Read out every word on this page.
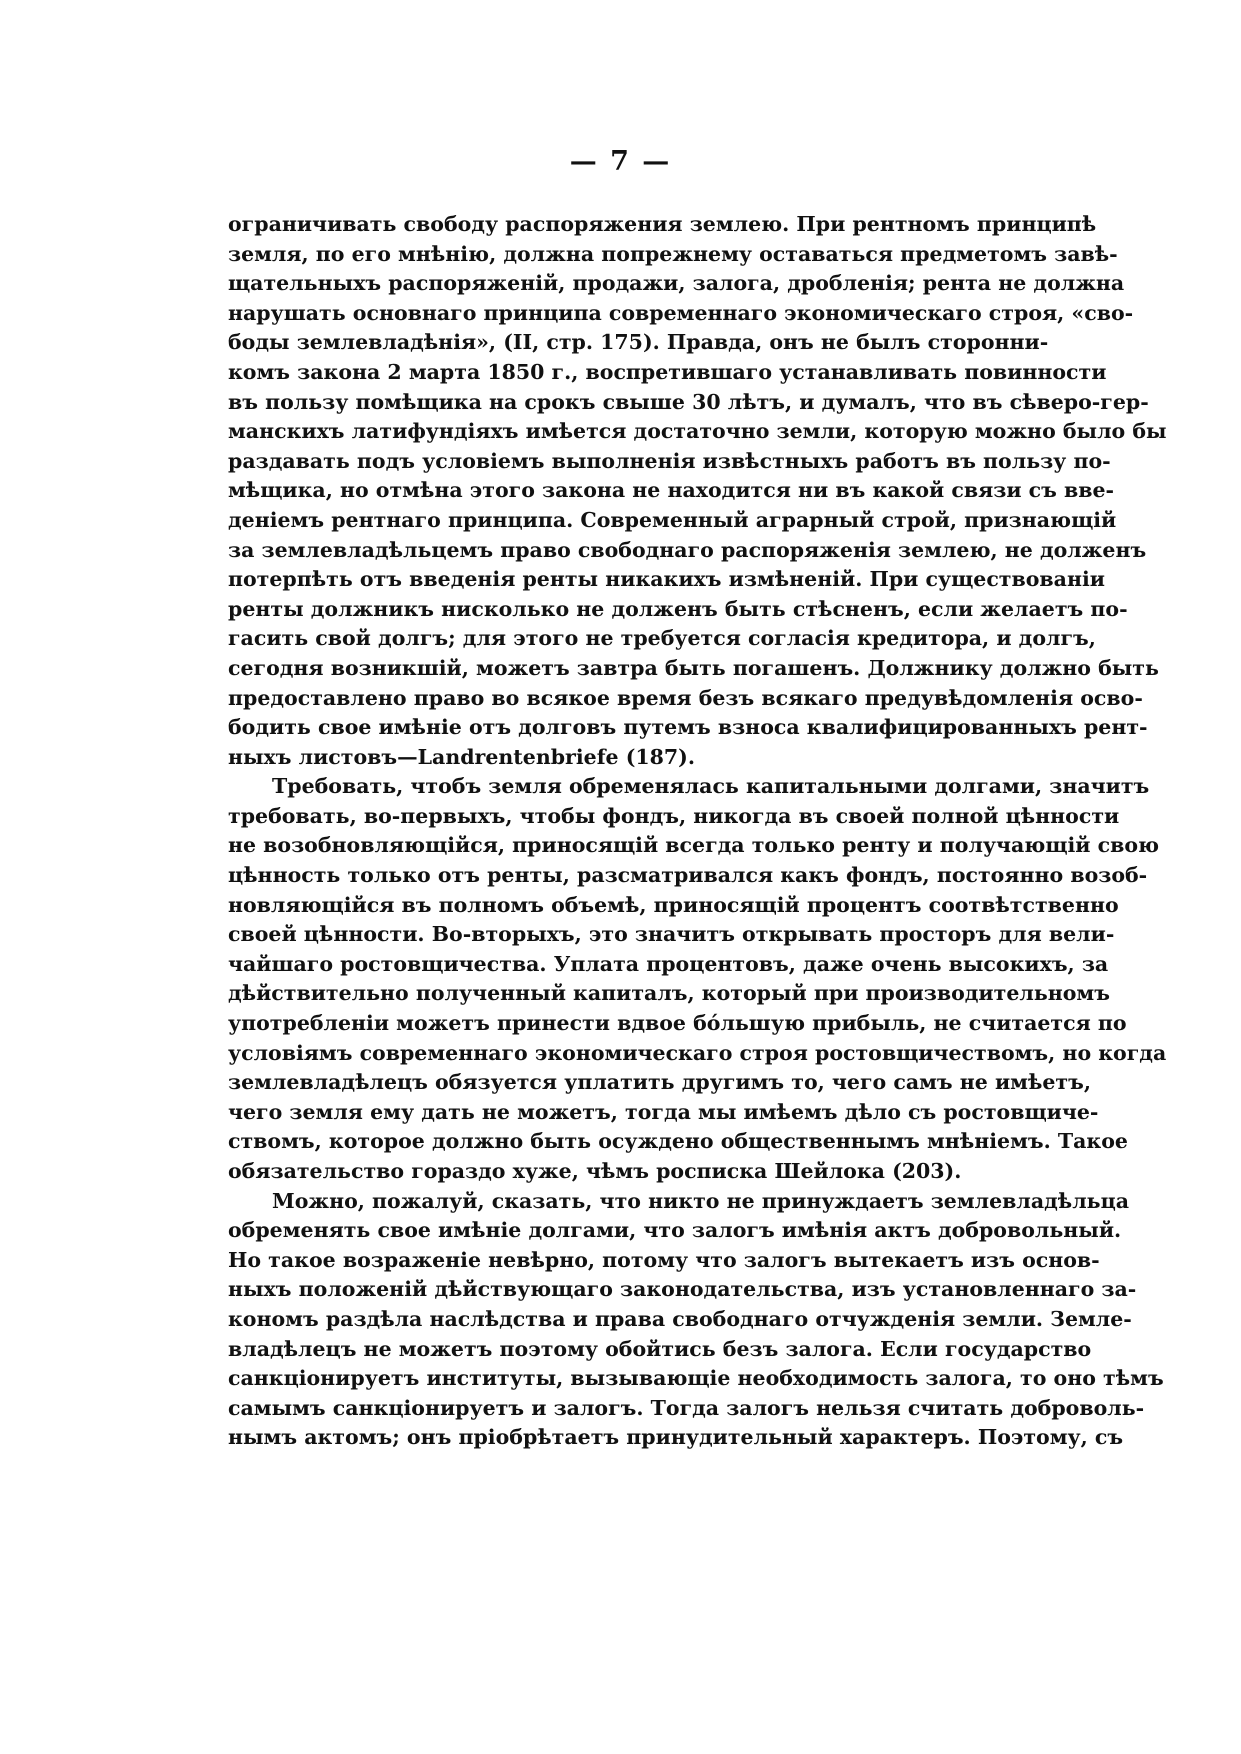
— 7 —
ограничивать свободу распоряжения землею. При рентномъ принципѣ
земля, по его мнѣнію, должна попрежнему оставаться предметомъ завѣ-
щательныхъ распоряженій, продажи, залога, дробленія; рента не должна
нарушать основнаго принципа современнаго экономическаго строя, «сво-
боды землевладѣнія», (II, стр. 175). Правда, онъ не былъ сторонни-
комъ закона 2 марта 1850 г., воспретившаго устанавливать повинности
въ пользу помѣщика на срокъ свыше 30 лѣтъ, и думалъ, что въ сѣверо-гер-
манскихъ латифундіяхъ имѣется достаточно земли, которую можно было бы
раздавать подъ условіемъ выполненія извѣстныхъ работъ въ пользу по-
мѣщика, но отмѣна этого закона не находится ни въ какой связи съ вве-
деніемъ рентнаго принципа. Современный аграрный строй, признающій
за землевладѣльцемъ право свободнаго распоряженія землею, не долженъ
потерпѣть отъ введенія ренты никакихъ измѣненій. При существованіи
ренты должникъ нисколько не долженъ быть стѣсненъ, если желаетъ по-
гасить свой долгъ; для этого не требуется согласія кредитора, и долгъ,
сегодня возникшій, можетъ завтра быть погашенъ. Должнику должно быть
предоставлено право во всякое время безъ всякаго предувѣдомленія осво-
бодить свое имѣніе отъ долговъ путемъ взноса квалифицированныхъ рент-
ныхъ листовъ—Landrentenbriefe (187).
Требовать, чтобъ земля обременялась капитальными долгами, значитъ
требовать, во-первыхъ, чтобы фондъ, никогда въ своей полной цѣнности
не возобновляющійся, приносящій всегда только ренту и получающій свою
цѣнность только отъ ренты, разсматривался какъ фондъ, постоянно возоб-
новляющійся въ полномъ объемѣ, приносящій процентъ соотвѣтственно
своей цѣнности. Во-вторыхъ, это значитъ открывать просторъ для вели-
чайшаго ростовщичества. Уплата процентовъ, даже очень высокихъ, за
дѣйствительно полученный капиталъ, который при производительномъ
употребленіи можетъ принести вдвое бо́льшую прибыль, не считается по
условіямъ современнаго экономическаго строя ростовщичествомъ, но когда
землевладѣлецъ обязуется уплатить другимъ то, чего самъ не имѣетъ,
чего земля ему дать не можетъ, тогда мы имѣемъ дѣло съ ростовщиче-
ствомъ, которое должно быть осуждено общественнымъ мнѣніемъ. Такое
обязательство гораздо хуже, чѣмъ росписка Шейлока (203).
Можно, пожалуй, сказать, что никто не принуждаетъ землевладѣльца
обременять свое имѣніе долгами, что залогъ имѣнія актъ добровольный.
Но такое возраженіе невѣрно, потому что залогъ вытекаетъ изъ основ-
ныхъ положеній дѣйствующаго законодательства, изъ установленнаго за-
кономъ раздѣла наслѣдства и права свободнаго отчужденія земли. Земле-
владѣлецъ не можетъ поэтому обойтись безъ залога. Если государство
санкціонируетъ институты, вызывающіе необходимость залога, то оно тѣмъ
самымъ санкціонируетъ и залогъ. Тогда залогъ нельзя считать доброволь-
нымъ актомъ; онъ пріобрѣтаетъ принудительный характеръ. Поэтому, съ
